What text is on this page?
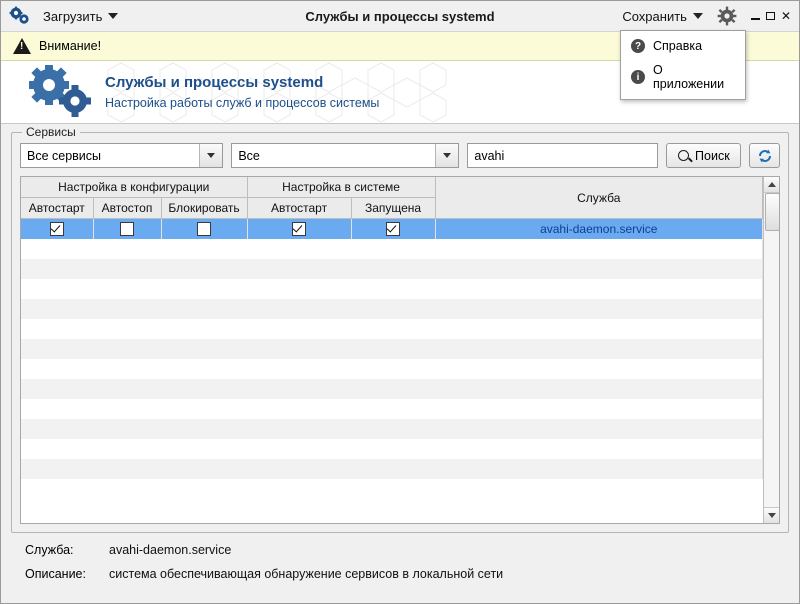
Загрузить	Службы и процессы systemd	Сохранить	✕
? Справка
i	О приложении
!
Внимание!
Службы и процессы systemd
Настройка работы служб и процессов системы
Сервисы
Все сервисы	Все
avahi	Поиск
Настройка в конфигурации			Настройка в системе		Служба
Автостарт	Автостоп	Блокировать	Автостарт	Запущена	
					avahi-daemon.service

Служба:	avahi-daemon.service
Описание:	система обеспечивающая обнаружение сервисов в локальной сети
